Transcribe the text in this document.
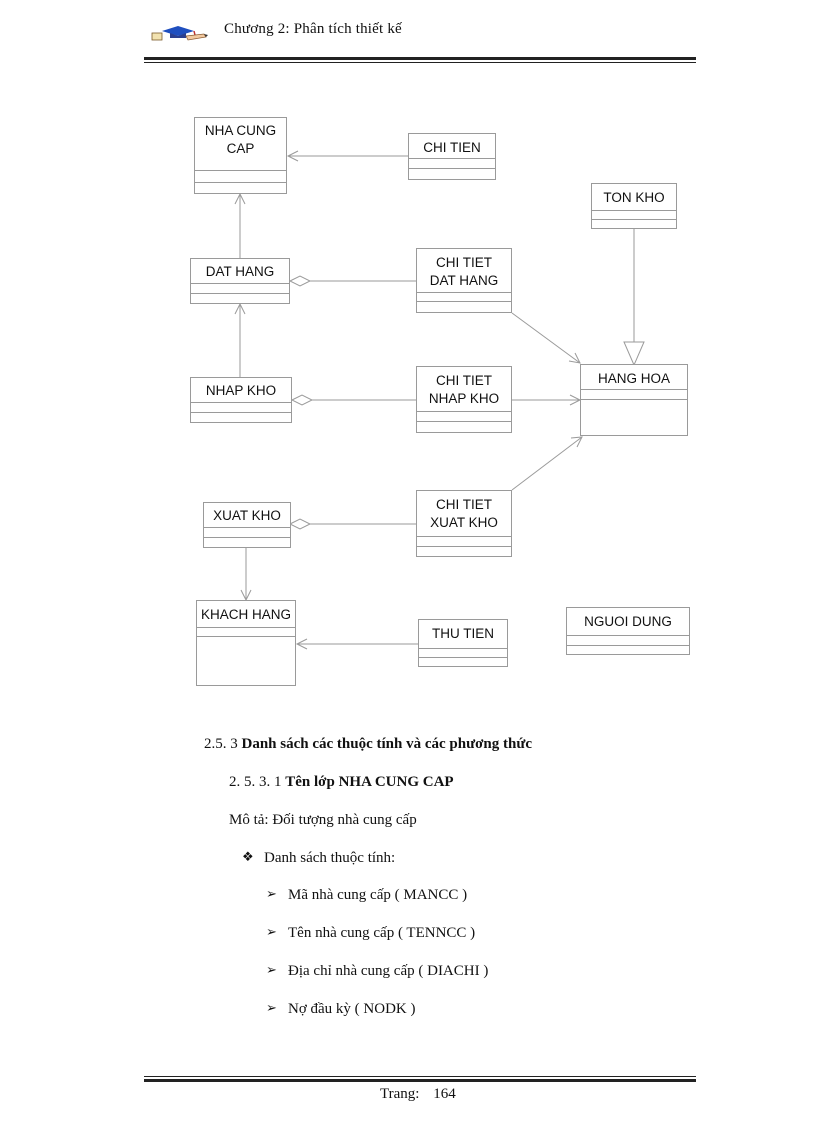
Chương 2: Phân tích thiết kế
NHA CUNG CAP	CHI TIEN
TON KHO
DAT HANG
CHI TIET DAT HANG
HANG HOA
NHAP KHO
CHI TIET NHAP KHO
XUAT KHO
CHI TIET XUAT KHO
KHACH HANG
THU TIEN
NGUOI DUNG
2.5. 3 Danh sách các thuộc tính và các phương thức
2. 5. 3. 1 Tên lớp NHA CUNG CAP
Mô tả: Đối tượng nhà cung cấp
❖ Danh sách thuộc tính:
➢ Mã nhà cung cấp ( MANCC )
➢ Tên nhà cung cấp ( TENNCC )
➢ Địa chỉ nhà cung cấp ( DIACHI )
➢ Nợ đầu kỳ ( NODK )
Trang: 164
